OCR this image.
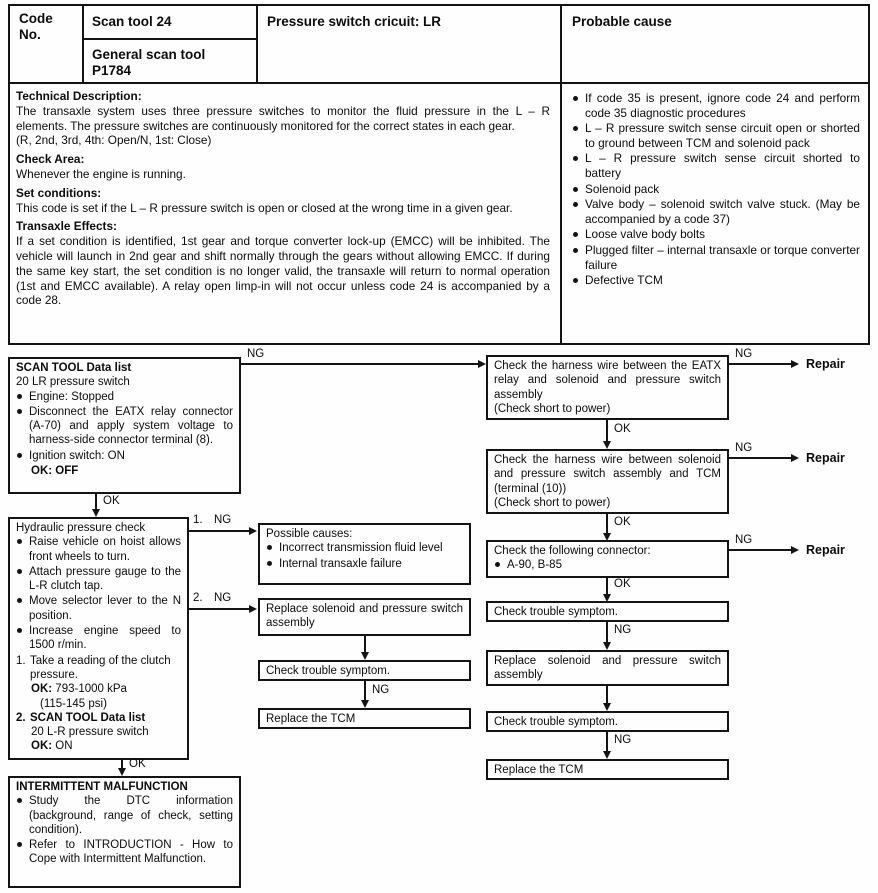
Code No.
Scan tool 24
General scan tool P1784
Pressure switch cricuit: LR	Probable cause

Technical Description:

The transaxle system uses three pressure switches to monitor the fluid pressure in the L – R elements. The pressure switches are continuously monitored for the correct states in each gear.

(R, 2nd, 3rd, 4th: Open/N, 1st: Close)

Check Area:

Whenever the engine is running.

Set conditions:

This code is set if the L – R pressure switch is open or closed at the wrong time in a given gear.

Transaxle Effects:

If a set condition is identified, 1st gear and torque converter lock-up (EMCC) will be inhibited. The vehicle will launch in 2nd gear and shift normally through the gears without allowing EMCC. If during the same key start, the set condition is no longer valid, the transaxle will return to normal operation (1st and EMCC available). A relay open limp-in will not occur unless code 24 is accompanied by a code 28.

If code 35 is present, ignore code 24 and perform code 35 diagnostic procedures
L – R pressure switch sense circuit open or shorted to ground between TCM and solenoid pack
L – R pressure switch sense circuit shorted to battery
Solenoid pack
Valve body – solenoid switch valve stuck. (May be accompanied by a code 37)
Loose valve body bolts
Plugged filter – internal transaxle or torque converter failure
Defective TCM

SCAN TOOL Data list

20 LR pressure switch

Engine: Stopped
Disconnect the EATX relay connector (A-70) and apply system voltage to harness-side connector terminal (8).
Ignition switch: ON
OK: OFF
NG

Check the harness wire between the EATX relay and solenoid and pressure switch assembly

(Check short to power)

NG
Repair
OK

Check the harness wire between solenoid and pressure switch assembly and TCM (terminal (10))

(Check short to power)

NG
Repair
OK

Check the following connector:

A-90, B-85
NG
Repair
OK

Check trouble symptom.

NG

Replace solenoid and pressure switch assembly

Check trouble symptom.

NG

Replace the TCM

OK

Hydraulic pressure check

Raise vehicle on hoist allows front wheels to turn.
Attach pressure gauge to the L-R clutch tap.
Move selector lever to the N position.
Increase engine speed to 1500 r/min.
1. Take a reading of the clutch pressure.
OK: 793-1000 kPa
(115-145 psi)
2. SCAN TOOL Data list
20 L-R pressure switch
OK: ON
1. NG

Possible causes:

Incorrect transmission fluid level
Internal transaxle failure
2. NG

Replace solenoid and pressure switch assembly

Check trouble symptom.

NG

Replace the TCM

OK

INTERMITTENT MALFUNCTION

Study the DTC information (background, range of check, setting condition).
Refer to INTRODUCTION - How to Cope with Intermittent Malfunction.
